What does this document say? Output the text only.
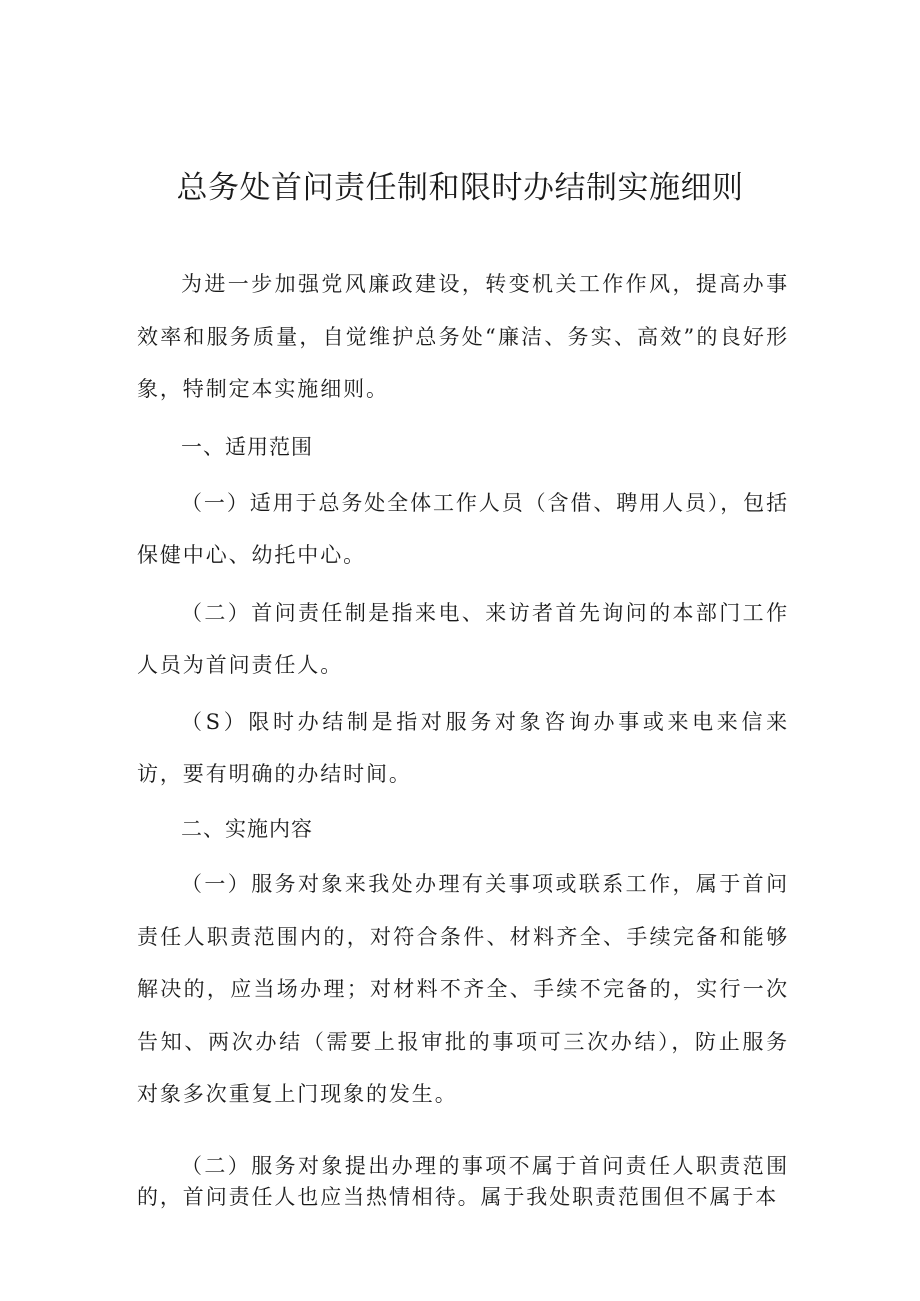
总务处首问责任制和限时办结制实施细则

为进一步加强党风廉政建设，转变机关工作作风，提高办事效率和服务质量，自觉维护总务处“廉洁、务实、高效”的良好形象，特制定本实施细则。

一、适用范围

（一）适用于总务处全体工作人员（含借、聘用人员），包括保健中心、幼托中心。

（二）首问责任制是指来电、来访者首先询问的本部门工作人员为首问责任人。

（S）限时办结制是指对服务对象咨询办事或来电来信来访，要有明确的办结时间。

二、实施内容

（一）服务对象来我处办理有关事项或联系工作，属于首问责任人职责范围内的，对符合条件、材料齐全、手续完备和能够解决的，应当场办理；对材料不齐全、手续不完备的，实行一次告知、两次办结（需要上报审批的事项可三次办结），防止服务对象多次重复上门现象的发生。

（二）服务对象提出办理的事项不属于首问责任人职责范围的，首问责任人也应当热情相待。属于我处职责范围但不属于本
